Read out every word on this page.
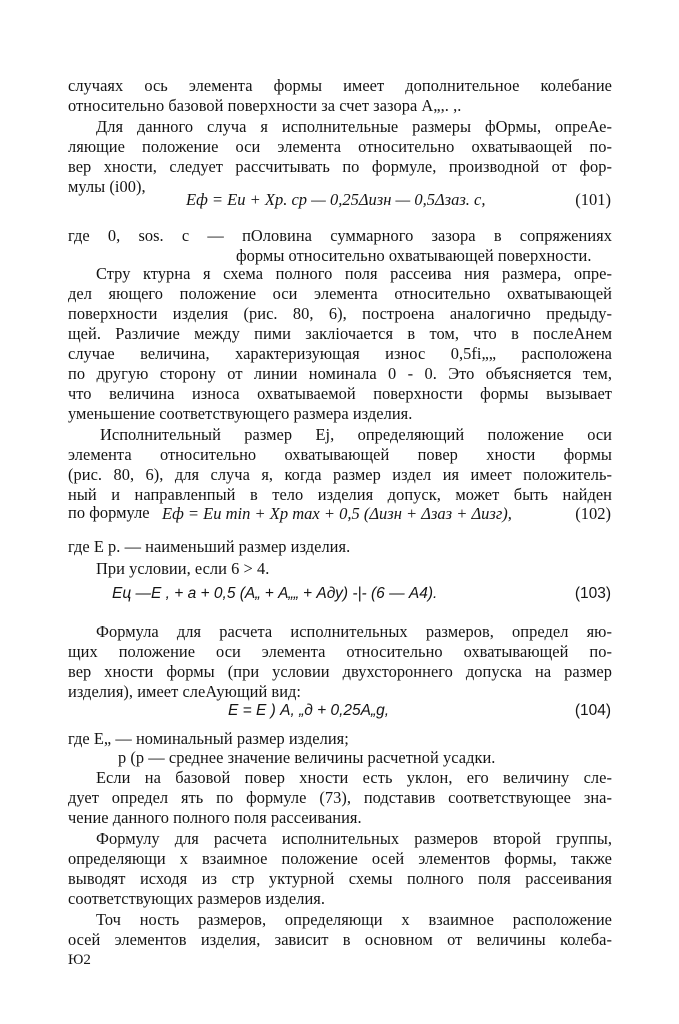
случаях ось элемента формы имеет дополнительное колебание
относительно базовой поверхности за счет зазора А„,. ,.
Для данного случа я исполнительные размеры фОрмы, опреАе-
ляющие положение оси элемента относительно охватываощей по-
вер хности, следует рассчитывать по формуле, производной от фор-
мулы (i00),
Eф = Eи + Xр. ср — 0,25Δизн — 0,5Δзаз. с,	(101)
где 0, sos. c — пОловина суммарного зазора в сопряжениях
формы относительно охватывающей поверхности.
Стру ктурна я схема полного поля рассеива ния размера, опре-
дел яющего положение оси элемента относительно охватывающей
поверхности изделия (рис. 80, 6), построена аналогично предыду-
щей. Различие между пими заклiочается в том, что в послеАнем
случае величина, характеризующая износ 0,5fi„„ расположена
по другую сторону от линии номинала 0 - 0. Это объясняется тем,
что величина износа охватываемой поверхности формы вызывает
уменьшение соответствующего размера изделия.
Исполнительный размер Ej, определяющий положение оси
элемента относительно охватывающей повер хности формы
(рис. 80, 6), для случа я, когда размер издел ия имеет положитель-
ный и направленпый в тело изделия допуск, может быть найден
по формуле Eф = Eи min + Xр max + 0,5 (Δизн + Δзаз + Δизг),	(102)
где E p. — наименьший размер изделия.
При условии, если 6 > 4.
Eц —E , + а + 0,5 (А„ + А„„ + Аду) -|- (6 — А4).	(103)
Формула для расчета исполнительных размеров, определ яю-
щих положение оси элемента относительно охватывающей по-
вер хности формы (при условии двухстороннего допуска на размер
изделия), имеет слеАующий вид:
E = E ) А, „д + 0,25А„g,	(104)
где E„ — номинальный размер изделия;
p (р — среднее значение величины расчетной усадки.
Если на базовой повер хности есть уклон, его величину сле-
дует определ ять по формуле (73), подставив соответствующее зна-
чение данного полного поля рассеивания.
Формулу для расчета исполнительных размеров второй группы,
определяющи х взаимное положение осей элементов формы, также
выводят исходя из стр уктурной схемы полного поля рассеивания
соответствующих размеров изделия.
Точ ность размеров, определяющи х взаимное расположение
осей элементов изделия, зависит в основном от величины колеба-
Ю2
